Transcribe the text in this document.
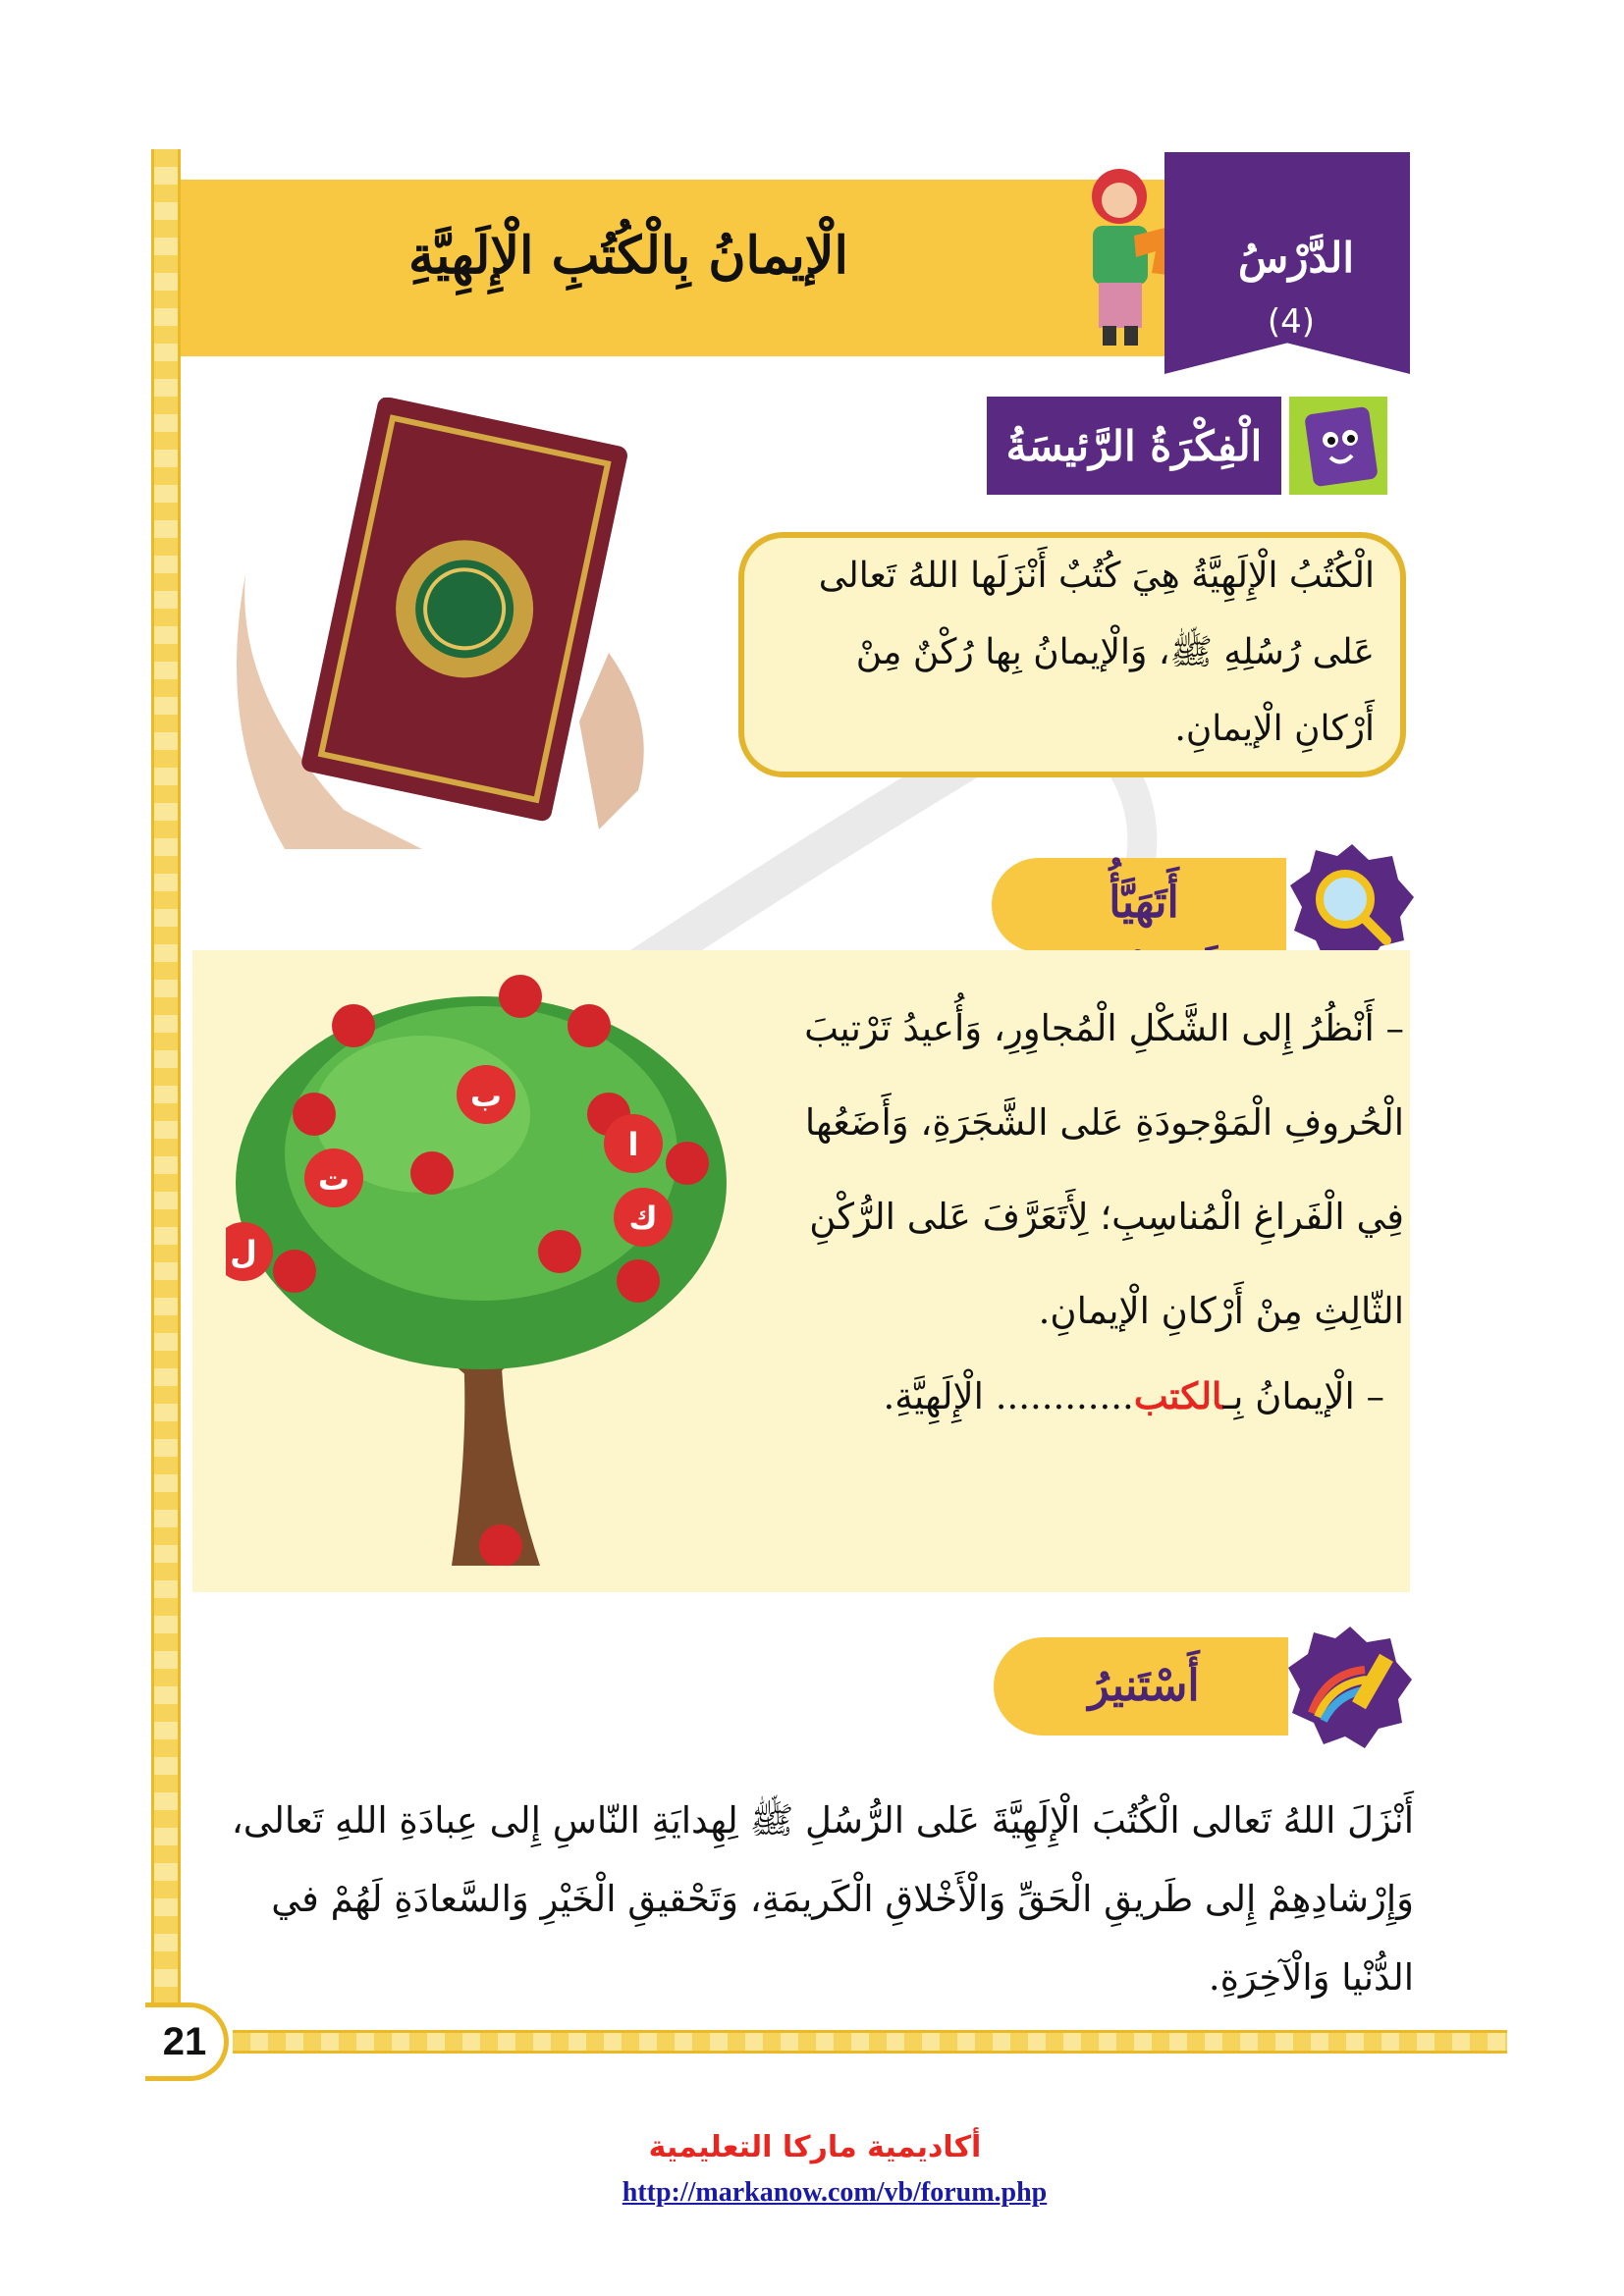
21
الْإيمانُ بِالْكُتُبِ الْإِلَهِيَّةِ	الدَّرْسُ
(4)
الْفِكْرَةُ الرَّئيسَةُ
الْكُتُبُ الْإِلَهِيَّةُ هِيَ كُتُبٌ أَنْزَلَها اللهُ تَعالى عَلى رُسُلِهِ ﷺ، وَالْإيمانُ بِها رُكْنٌ مِنْ أَرْكانِ الْإيمانِ.
أَتَهَيَّأُ
– أَنْظُرُ إِلى الشَّكْلِ الْمُجاوِرِ، وَأُعيدُ تَرْتيبَ الْحُروفِ الْمَوْجودَةِ عَلى الشَّجَرَةِ، وَأَضَعُها فِي الْفَراغِ الْمُناسِبِ؛ لِأَتَعَرَّفَ عَلى الرُّكْنِ الثّالِثِ مِنْ أَرْكانِ الْإيمانِ.
– الْإيمانُ بِـالكتب............ الْإِلَهِيَّةِ.
ب
ا
ت
ك
ل
أَسْتَنيرُ
أَنْزَلَ اللهُ تَعالى الْكُتُبَ الْإِلَهِيَّةَ عَلى الرُّسُلِ ﷺ لِهِدايَةِ النّاسِ إِلى عِبادَةِ اللهِ تَعالى، وَإِرْشادِهِمْ إِلى طَريقِ الْحَقِّ وَالْأَخْلاقِ الْكَريمَةِ، وَتَحْقيقِ الْخَيْرِ وَالسَّعادَةِ لَهُمْ في الدُّنْيا وَالْآخِرَةِ.
أكاديمية ماركا التعليمية
http://markanow.com/vb/forum.php
